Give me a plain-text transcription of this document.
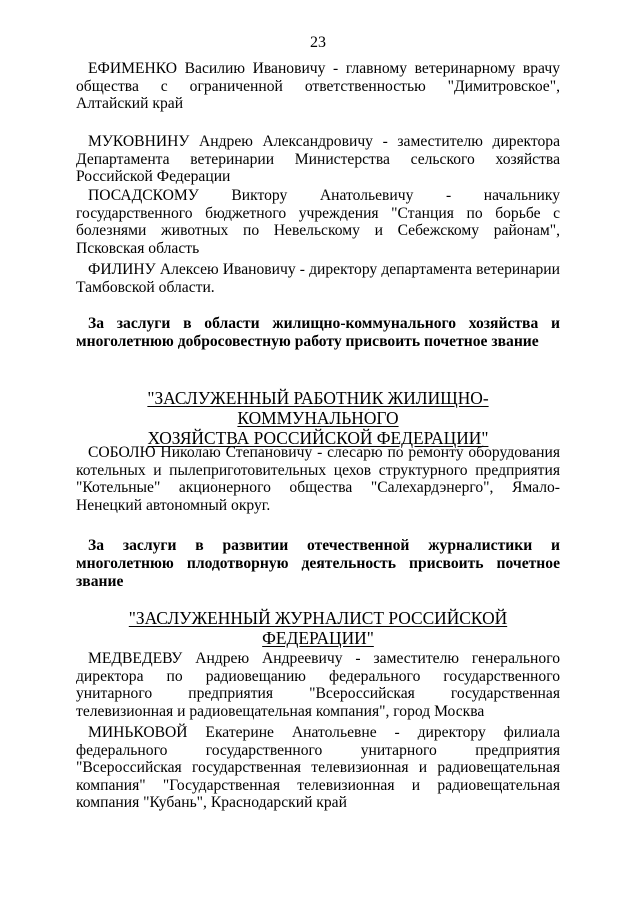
23

ЕФИМЕНКО Василию Ивановичу - главному ветеринарному врачу общества с ограниченной ответственностью "Димитровское", Алтайский край

МУКОВНИНУ Андрею Александровичу - заместителю директора Департамента ветеринарии Министерства сельского хозяйства Российской Федерации

ПОСАДСКОМУ Виктору Анатольевичу - начальнику государственного бюджетного учреждения "Станция по борьбе с болезнями животных по Невельскому и Себежскому районам", Псковская область

ФИЛИНУ Алексею Ивановичу - директору департамента ветеринарии Тамбовской области.

За заслуги в области жилищно-коммунального хозяйства и многолетнюю добросовестную работу присвоить почетное звание

"ЗАСЛУЖЕННЫЙ РАБОТНИК ЖИЛИЩНО-КОММУНАЛЬНОГО
ХОЗЯЙСТВА РОССИЙСКОЙ ФЕДЕРАЦИИ"

СОБОЛЮ Николаю Степановичу - слесарю по ремонту оборудования котельных и пылеприготовительных цехов структурного предприятия "Котельные" акционерного общества "Салехардэнерго", Ямало-Ненецкий автономный округ.

За заслуги в развитии отечественной журналистики и многолетнюю плодотворную деятельность присвоить почетное звание

"ЗАСЛУЖЕННЫЙ ЖУРНАЛИСТ РОССИЙСКОЙ ФЕДЕРАЦИИ"

МЕДВЕДЕВУ Андрею Андреевичу - заместителю генерального директора по радиовещанию федерального государственного унитарного предприятия "Всероссийская государственная телевизионная и радиовещательная компания", город Москва

МИНЬКОВОЙ Екатерине Анатольевне - директору филиала федерального государственного унитарного предприятия "Всероссийская государственная телевизионная и радиовещательная компания" "Государственная телевизионная и радиовещательная компания "Кубань", Краснодарский край
